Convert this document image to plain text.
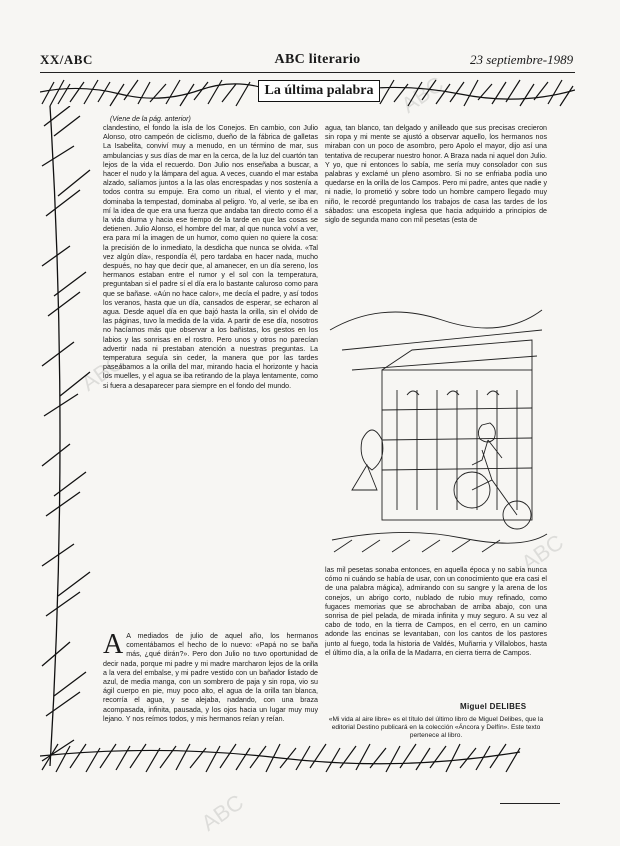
XX/ABC	ABC literario	23 septiembre-1989
La última palabra
(Viene de la pág. anterior)
clandestino, el fondo la isla de los Conejos. En cambio, con Julio Alonso, otro campeón de ciclismo, dueño de la fábrica de galletas La Isabelita, conviví muy a menudo, en un término de mar, sus ambulancias y sus días de mar en la cerca, de la luz del cuartón tan lejos de la vida el recuerdo. Don Julio nos enseñaba a buscar, a hacer el nudo y la lámpara del agua. A veces, cuando el mar estaba alzado, salíamos juntos a la las olas encrespadas y nos sostenía a todos contra su empuje. Era como un ritual, el viento y el mar, dominaba la tempestad, dominaba al peligro. Yo, al verle, se iba en mí la idea de que era una fuerza que andaba tan directo como él a la vida diurna y hacia ese tiempo de la tarde en que las cosas se detienen. Julio Alonso, el hombre del mar, al que nunca volví a ver, era para mí la imagen de un humor, como quien no quiere la cosa: la precisión de lo inmediato, la desdicha que nunca se olvida. «Tal vez algún día», respondía él, pero tardaba en hacer nada, mucho después, no hay que decir que, al amanecer, en un día sereno, los hermanos estaban entre el rumor y el sol con la temperatura, preguntaban si el padre sí el día era lo bastante caluroso como para que se bañase. «Aún no hace calor», me decía el padre, y así todos los veranos, hasta que un día, cansados de esperar, se echaron al agua. Desde aquel día en que bajó hasta la orilla, sin el olvido de las páginas, tuvo la medida de la vida. A partir de ese día, nosotros no hacíamos más que observar a los bañistas, los gestos en los labios y las sonrisas en el rostro. Pero unos y otros no parecían advertir nada ni prestaban atención a nuestras preguntas. La temperatura seguía sin ceder, la manera que por las tardes paseábamos a la orilla del mar, mirando hacia el horizonte y hacia los muelles, y el agua se iba retirando de la playa lentamente, como si fuera a desaparecer para siempre en el fondo del mundo.
agua, tan blanco, tan delgado y anilleado que sus precisas crecieron sin ropa y mi mente se ajustó a observar aquello, los hermanos nos miraban con un poco de asombro, pero Apolo el mayor, dijo así una tentativa de recuperar nuestro honor. A Braza nada ni aquel don Julio. Y yo, que ni entonces lo sabía, me sería muy consolador con sus palabras y exclamé un pleno asombro. Si no se enfriaba podía uno quedarse en la orilla de los Campos. Pero mi padre, antes que nadie y ni nadie, lo prometió y sobre todo un hombre campero llegado muy niño, le recordé preguntando los trabajos de casa las tardes de los sábados: una escopeta inglesa que hacia adquirido a principios de siglo de segunda mano con mil pesetas (esta de
las mil pesetas sonaba entonces, en aquella época y no sabía nunca cómo ni cuándo se había de usar, con un conocimiento que era casi el de una palabra mágica), admirando con su sangre y la arena de los conejos, un abrigo corto, nublado de rubio muy refinado, como fugaces memorias que se abrochaban de arriba abajo, con una sonrisa de piel pelada, de mirada infinita y muy seguro. A su vez al cabo de todo, en la tierra de Campos, en el cerro, en un camino adonde las encinas se levantaban, con los cantos de los pastores junto al fuego, toda la historia de Valdés, Muñarria y Villalobos, hasta el último día, a la orilla de la Madarra, en cierra tierra de Campos.
A A mediados de julio de aquel año, los hermanos comentábamos el hecho de lo nuevo: «Papá no se baña más, ¿qué dirán?». Pero don Julio no tuvo oportunidad de decir nada, porque mi padre y mi madre marcharon lejos de la orilla a la vera del embalse, y mi padre vestido con un bañador listado de azul, de media manga, con un sombrero de paja y sin ropa, vio su ágil cuerpo en pie, muy poco alto, el agua de la orilla tan blanca, recorría el agua, y se alejaba, nadando, con una braza acompasada, infinita, pausada, y los ojos hacia un lugar muy muy lejano. Y nos reímos todos, y mis hermanos reían y reían.
Miguel DELIBES
«Mi vida al aire libre» es el título del último libro de Miguel Delibes, que la editorial Destino publicará en la colección «Áncora y Delfín». Este texto pertenece al libro.
ABC
ABC
ABC
ABC
